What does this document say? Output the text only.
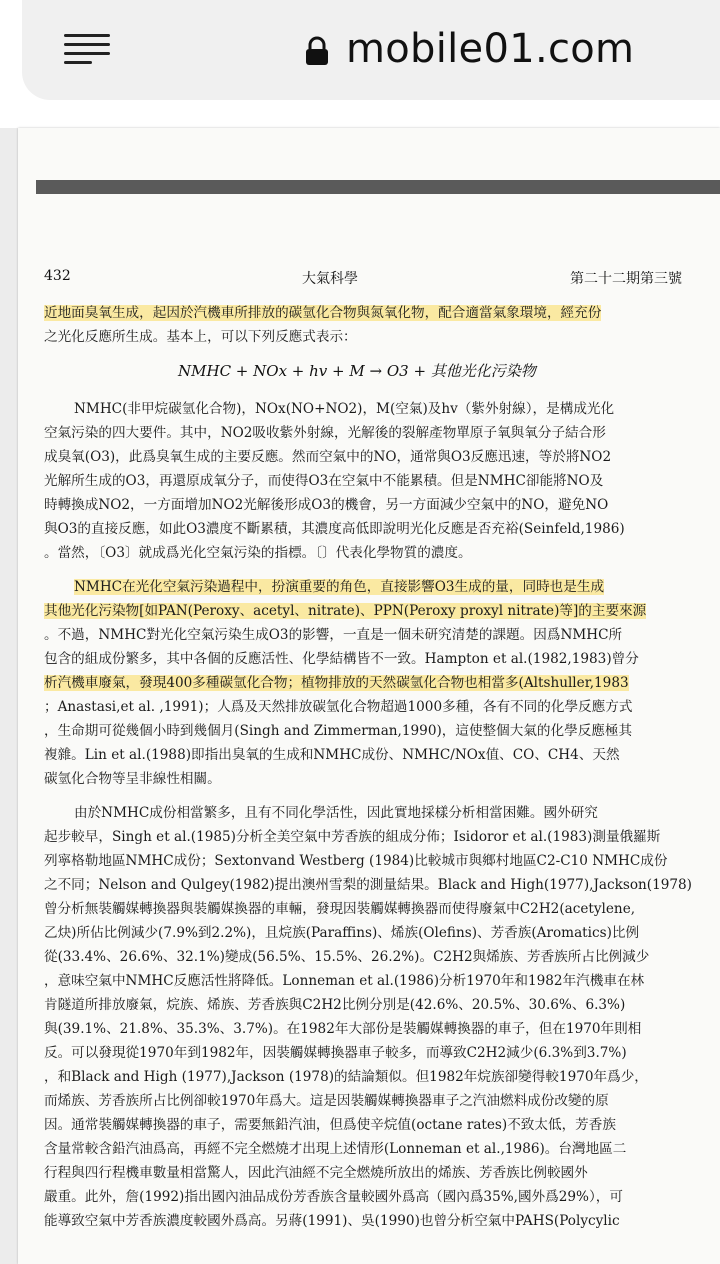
mobile01.com
432	大氣科學	第二十二期第三號
近地面臭氧生成，起因於汽機車所排放的碳氫化合物與氮氧化物，配合適當氣象環境，經充份
之光化反應所生成。基本上，可以下列反應式表示：
NMHC + NOx + hv + M → O3 + 其他光化污染物
NMHC(非甲烷碳氫化合物)，NOx(NO+NO2)，M(空氣)及hv（紫外射線），是構成光化
空氣污染的四大要件。其中，NO2吸收紫外射線，光解後的裂解產物單原子氧與氧分子結合形
成臭氧(O3)，此爲臭氧生成的主要反應。然而空氣中的NO，通常與O3反應迅速，等於將NO2
光解所生成的O3，再還原成氧分子，而使得O3在空氣中不能累積。但是NMHC卻能將NO及
時轉換成NO2，一方面增加NO2光解後形成O3的機會，另一方面減少空氣中的NO，避免NO
與O3的直接反應，如此O3濃度不斷累積，其濃度高低即說明光化反應是否充裕(Seinfeld,1986)
。當然，〔O3〕就成爲光化空氣污染的指標。〔〕代表化學物質的濃度。
NMHC在光化空氣污染過程中，扮演重要的角色，直接影響O3生成的量，同時也是生成
其他光化污染物[如PAN(Peroxy、acetyl、nitrate)、PPN(Peroxy proxyl nitrate)等]的主要來源
。不過，NMHC對光化空氣污染生成O3的影響，一直是一個未研究清楚的課題。因爲NMHC所
包含的組成份繁多，其中各個的反應活性、化學結構皆不一致。Hampton et al.(1982,1983)曾分
析汽機車廢氣，發現400多種碳氫化合物；植物排放的天然碳氫化合物也相當多(Altshuller,1983
；Anastasi,et al. ,1991)；人爲及天然排放碳氫化合物超過1000多種，各有不同的化學反應方式
，生命期可從幾個小時到幾個月(Singh and Zimmerman,1990)，這使整個大氣的化學反應極其
複雜。Lin et al.(1988)即指出臭氧的生成和NMHC成份、NMHC/NOx值、CO、CH4、天然
碳氫化合物等呈非線性相關。
由於NMHC成份相當繁多，且有不同化學活性，因此實地採樣分析相當困難。國外研究
起步較早，Singh et al.(1985)分析全美空氣中芳香族的組成分佈；Isidoror et al.(1983)測量俄羅斯
列寧格勒地區NMHC成份；Sextonvand Westberg (1984)比較城市與鄉村地區C2-C10 NMHC成份
之不同；Nelson and Qulgey(1982)提出澳州雪梨的測量結果。Black and High(1977),Jackson(1978)
曾分析無裝觸媒轉換器與裝觸媒換器的車輛，發現因裝觸媒轉換器而使得廢氣中C2H2(acetylene,
乙炔)所佔比例減少(7.9%到2.2%)，且烷族(Paraffins)、烯族(Olefins)、芳香族(Aromatics)比例
從(33.4%、26.6%、32.1%)變成(56.5%、15.5%、26.2%)。C2H2與烯族、芳香族所占比例減少
，意味空氣中NMHC反應活性將降低。Lonneman et al.(1986)分析1970年和1982年汽機車在林
肯隧道所排放廢氣，烷族、烯族、芳香族與C2H2比例分別是(42.6%、20.5%、30.6%、6.3%)
與(39.1%、21.8%、35.3%、3.7%)。在1982年大部份是裝觸媒轉換器的車子，但在1970年則相
反。可以發現從1970年到1982年，因裝觸媒轉換器車子較多，而導致C2H2減少(6.3%到3.7%)
，和Black and High (1977),Jackson (1978)的結論類似。但1982年烷族卻變得較1970年爲少，
而烯族、芳香族所占比例卻較1970年爲大。這是因裝觸媒轉換器車子之汽油燃料成份改變的原
因。通常裝觸媒轉換器的車子，需要無鉛汽油，但爲使辛烷值(octane rates)不致太低，芳香族
含量常較含鉛汽油爲高，再經不完全燃燒才出現上述情形(Lonneman et al.,1986)。台灣地區二
行程與四行程機車數量相當驚人，因此汽油經不完全燃燒所放出的烯族、芳香族比例較國外
嚴重。此外，詹(1992)指出國內油品成份芳香族含量較國外爲高（國內爲35%,國外爲29%），可
能導致空氣中芳香族濃度較國外爲高。另蔣(1991)、吳(1990)也曾分析空氣中PAHS(Polycylic
